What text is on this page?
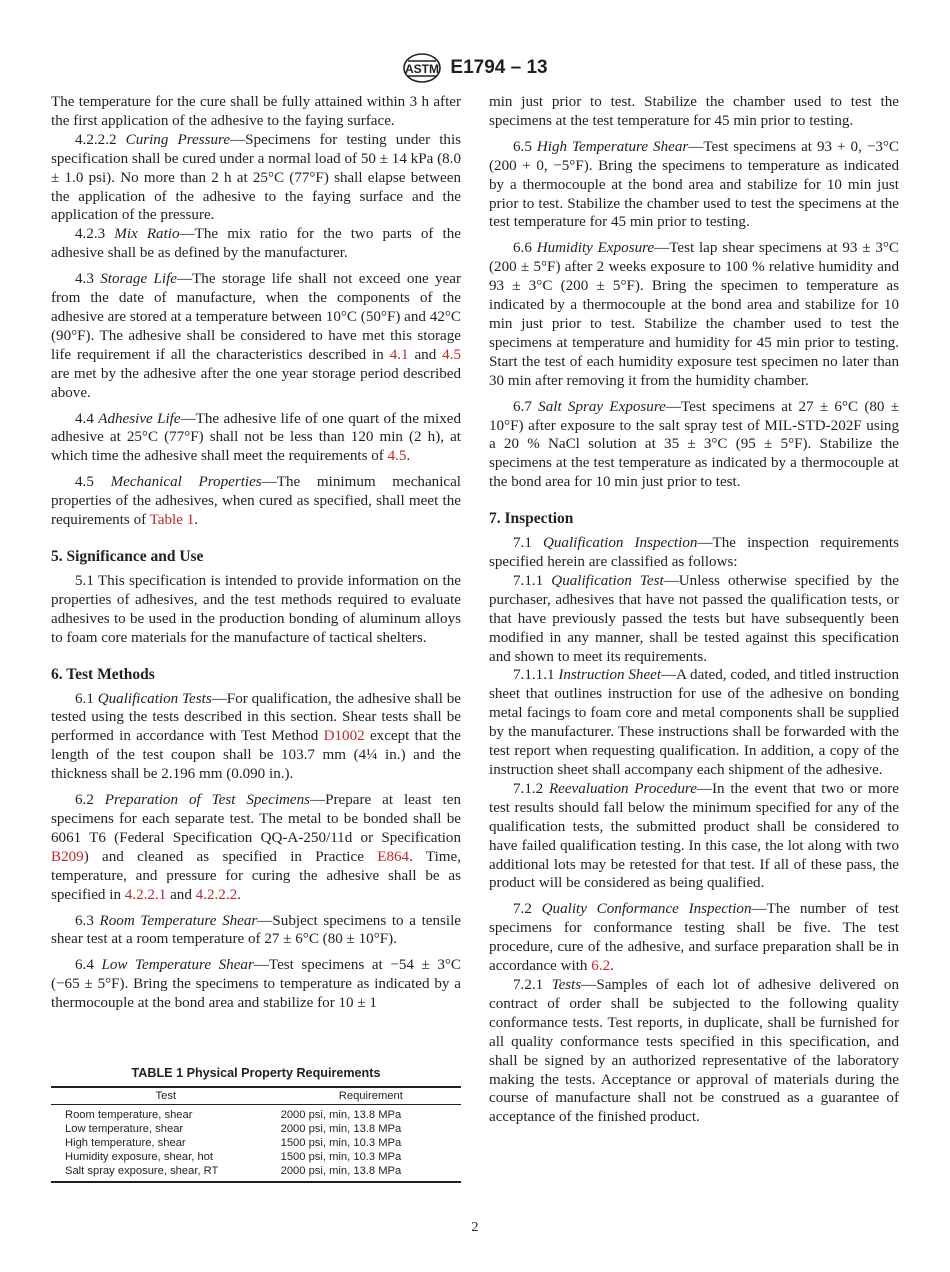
ASTM E1794 – 13

The temperature for the cure shall be fully attained within 3 h after the first application of the adhesive to the faying surface.

4.2.2.2 Curing Pressure—Specimens for testing under this specification shall be cured under a normal load of 50 ± 14 kPa (8.0 ± 1.0 psi). No more than 2 h at 25°C (77°F) shall elapse between the application of the adhesive to the faying surface and the application of the pressure.

4.2.3 Mix Ratio—The mix ratio for the two parts of the adhesive shall be as defined by the manufacturer.

4.3 Storage Life—The storage life shall not exceed one year from the date of manufacture, when the components of the adhesive are stored at a temperature between 10°C (50°F) and 42°C (90°F). The adhesive shall be considered to have met this storage life requirement if all the characteristics described in 4.1 and 4.5 are met by the adhesive after the one year storage period described above.

4.4 Adhesive Life—The adhesive life of one quart of the mixed adhesive at 25°C (77°F) shall not be less than 120 min (2 h), at which time the adhesive shall meet the requirements of 4.5.

4.5 Mechanical Properties—The minimum mechanical properties of the adhesives, when cured as specified, shall meet the requirements of Table 1.

5. Significance and Use

5.1 This specification is intended to provide information on the properties of adhesives, and the test methods required to evaluate adhesives to be used in the production bonding of aluminum alloys to foam core materials for the manufacture of tactical shelters.

6. Test Methods

6.1 Qualification Tests—For qualification, the adhesive shall be tested using the tests described in this section. Shear tests shall be performed in accordance with Test Method D1002 except that the length of the test coupon shall be 103.7 mm (4¼ in.) and the thickness shall be 2.196 mm (0.090 in.).

6.2 Preparation of Test Specimens—Prepare at least ten specimens for each separate test. The metal to be bonded shall be 6061 T6 (Federal Specification QQ-A-250/11d or Specification B209) and cleaned as specified in Practice E864. Time, temperature, and pressure for curing the adhesive shall be as specified in 4.2.2.1 and 4.2.2.2.

6.3 Room Temperature Shear—Subject specimens to a tensile shear test at a room temperature of 27 ± 6°C (80 ± 10°F).

6.4 Low Temperature Shear—Test specimens at −54 ± 3°C (−65 ± 5°F). Bring the specimens to temperature as indicated by a thermocouple at the bond area and stabilize for 10 ± 1

TABLE 1 Physical Property Requirements
Test	Requirement
Room temperature, shear	2000 psi, min, 13.8 MPa
Low temperature, shear	2000 psi, min, 13.8 MPa
High temperature, shear	1500 psi, min, 10.3 MPa
Humidity exposure, shear, hot	1500 psi, min, 10.3 MPa
Salt spray exposure, shear, RT	2000 psi, min, 13.8 MPa

min just prior to test. Stabilize the chamber used to test the specimens at the test temperature for 45 min prior to testing.

6.5 High Temperature Shear—Test specimens at 93 + 0, −3°C (200 + 0, −5°F). Bring the specimens to temperature as indicated by a thermocouple at the bond area and stabilize for 10 min just prior to test. Stabilize the chamber used to test the specimens at the test temperature for 45 min prior to testing.

6.6 Humidity Exposure—Test lap shear specimens at 93 ± 3°C (200 ± 5°F) after 2 weeks exposure to 100 % relative humidity and 93 ± 3°C (200 ± 5°F). Bring the specimen to temperature as indicated by a thermocouple at the bond area and stabilize for 10 min just prior to test. Stabilize the chamber used to test the specimens at temperature and humidity for 45 min prior to testing. Start the test of each humidity exposure test specimen no later than 30 min after removing it from the humidity chamber.

6.7 Salt Spray Exposure—Test specimens at 27 ± 6°C (80 ± 10°F) after exposure to the salt spray test of MIL-STD-202F using a 20 % NaCl solution at 35 ± 3°C (95 ± 5°F). Stabilize the specimens at the test temperature as indicated by a thermocouple at the bond area for 10 min just prior to test.

7. Inspection

7.1 Qualification Inspection—The inspection requirements specified herein are classified as follows:

7.1.1 Qualification Test—Unless otherwise specified by the purchaser, adhesives that have not passed the qualification tests, or that have previously passed the tests but have subsequently been modified in any manner, shall be tested against this specification and shown to meet its requirements.

7.1.1.1 Instruction Sheet—A dated, coded, and titled instruction sheet that outlines instruction for use of the adhesive on bonding metal facings to foam core and metal components shall be supplied by the manufacturer. These instructions shall be forwarded with the test report when requesting qualification. In addition, a copy of the instruction sheet shall accompany each shipment of the adhesive.

7.1.2 Reevaluation Procedure—In the event that two or more test results should fall below the minimum specified for any of the qualification tests, the submitted product shall be considered to have failed qualification testing. In this case, the lot along with two additional lots may be retested for that test. If all of these pass, the product will be considered as being qualified.

7.2 Quality Conformance Inspection—The number of test specimens for conformance testing shall be five. The test procedure, cure of the adhesive, and surface preparation shall be in accordance with 6.2.

7.2.1 Tests—Samples of each lot of adhesive delivered on contract of order shall be subjected to the following quality conformance tests. Test reports, in duplicate, shall be furnished for all quality conformance tests specified in this specification, and shall be signed by an authorized representative of the laboratory making the tests. Acceptance or approval of materials during the course of manufacture shall not be construed as a guarantee of acceptance of the finished product.

2
